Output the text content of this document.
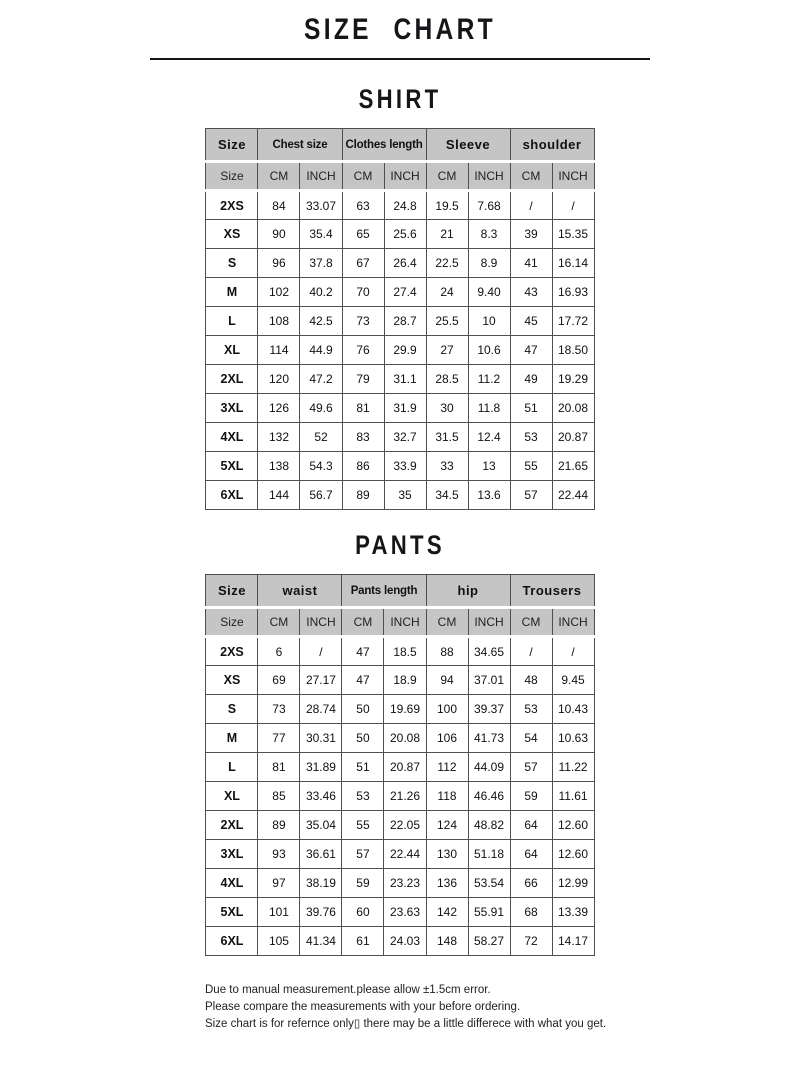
SIZE CHART
SHIRT
Size	Chest size		Clothes length		Sleeve		shoulder	
Size	CM	INCH	CM	INCH	CM	INCH	CM	INCH
2XS	84	33.07	63	24.8	19.5	7.68	/	/
XS	90	35.4	65	25.6	21	8.3	39	15.35
S	96	37.8	67	26.4	22.5	8.9	41	16.14
M	102	40.2	70	27.4	24	9.40	43	16.93
L	108	42.5	73	28.7	25.5	10	45	17.72
XL	114	44.9	76	29.9	27	10.6	47	18.50
2XL	120	47.2	79	31.1	28.5	11.2	49	19.29
3XL	126	49.6	81	31.9	30	11.8	51	20.08
4XL	132	52	83	32.7	31.5	12.4	53	20.87
5XL	138	54.3	86	33.9	33	13	55	21.65
6XL	144	56.7	89	35	34.5	13.6	57	22.44
PANTS
Size	waist		Pants length		hip		Trousers	
Size	CM	INCH	CM	INCH	CM	INCH	CM	INCH
2XS	6	/	47	18.5	88	34.65	/	/
XS	69	27.17	47	18.9	94	37.01	48	9.45
S	73	28.74	50	19.69	100	39.37	53	10.43
M	77	30.31	50	20.08	106	41.73	54	10.63
L	81	31.89	51	20.87	112	44.09	57	11.22
XL	85	33.46	53	21.26	118	46.46	59	11.61
2XL	89	35.04	55	22.05	124	48.82	64	12.60
3XL	93	36.61	57	22.44	130	51.18	64	12.60
4XL	97	38.19	59	23.23	136	53.54	66	12.99
5XL	101	39.76	60	23.63	142	55.91	68	13.39
6XL	105	41.34	61	24.03	148	58.27	72	14.17
Due to manual measurement.please allow ±1.5cm error.
Please compare the measurements with your before ordering.
Size chart is for refernce only▯ there may be a little differece with what you get.
